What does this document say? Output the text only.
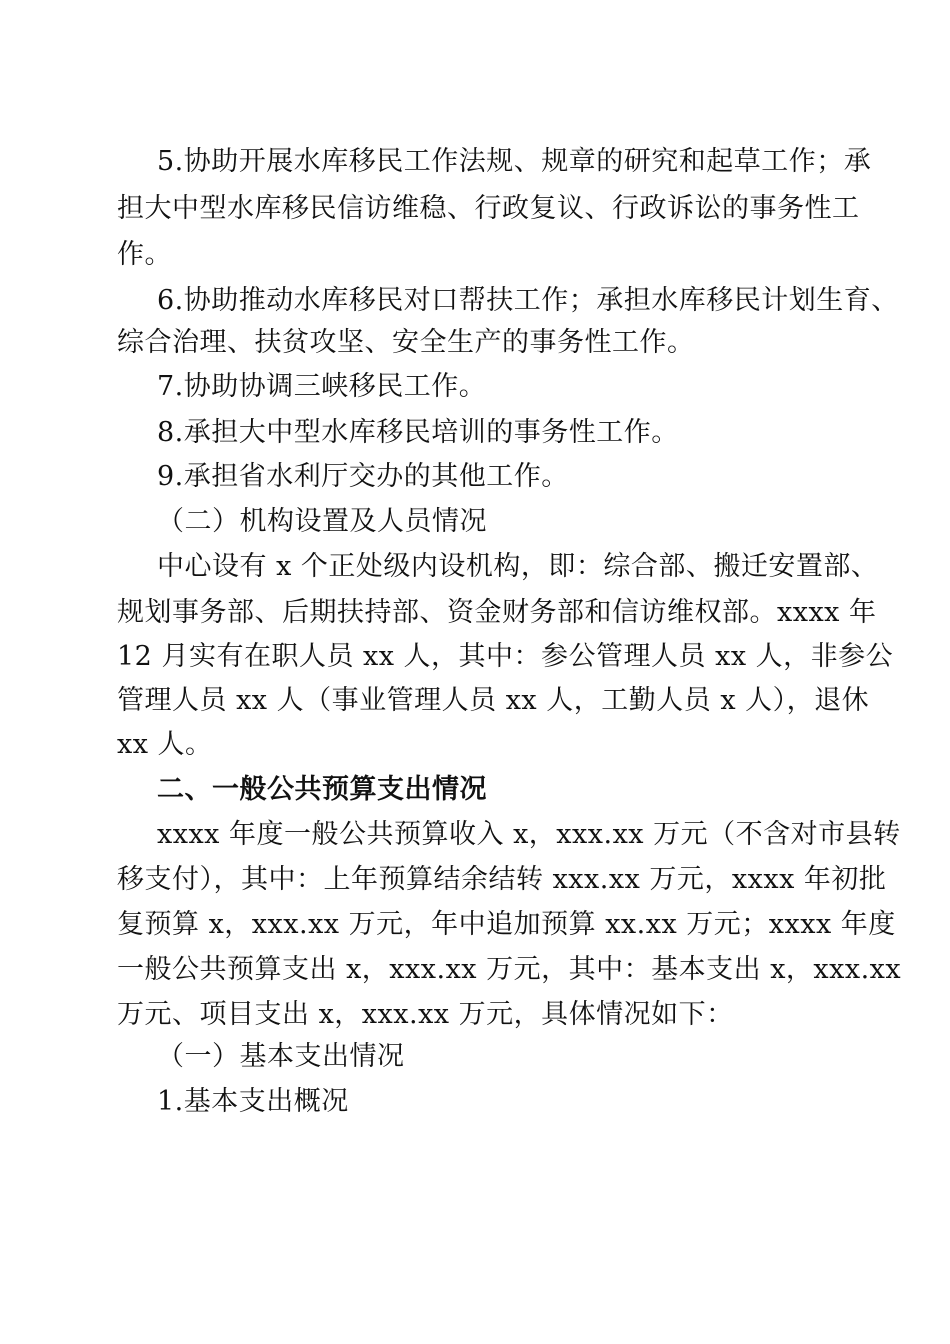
5.协助开展水库移民工作法规、规章的研究和起草工作；承
担大中型水库移民信访维稳、行政复议、行政诉讼的事务性工
作。
6.协助推动水库移民对口帮扶工作；承担水库移民计划生育、
综合治理、扶贫攻坚、安全生产的事务性工作。
7.协助协调三峡移民工作。
8.承担大中型水库移民培训的事务性工作。
9.承担省水利厅交办的其他工作。
（二）机构设置及人员情况
中心设有 x 个正处级内设机构，即：综合部、搬迁安置部、
规划事务部、后期扶持部、资金财务部和信访维权部。xxxx 年
12 月实有在职人员 xx 人，其中：参公管理人员 xx 人，非参公
管理人员 xx 人（事业管理人员 xx 人，工勤人员 x 人），退休
xx 人。
二、一般公共预算支出情况
xxxx 年度一般公共预算收入 x，xxx.xx 万元（不含对市县转
移支付），其中：上年预算结余结转 xxx.xx 万元，xxxx 年初批
复预算 x，xxx.xx 万元，年中追加预算 xx.xx 万元；xxxx 年度
一般公共预算支出 x，xxx.xx 万元，其中：基本支出 x，xxx.xx
万元、项目支出 x，xxx.xx 万元，具体情况如下：
（一）基本支出情况
1.基本支出概况
